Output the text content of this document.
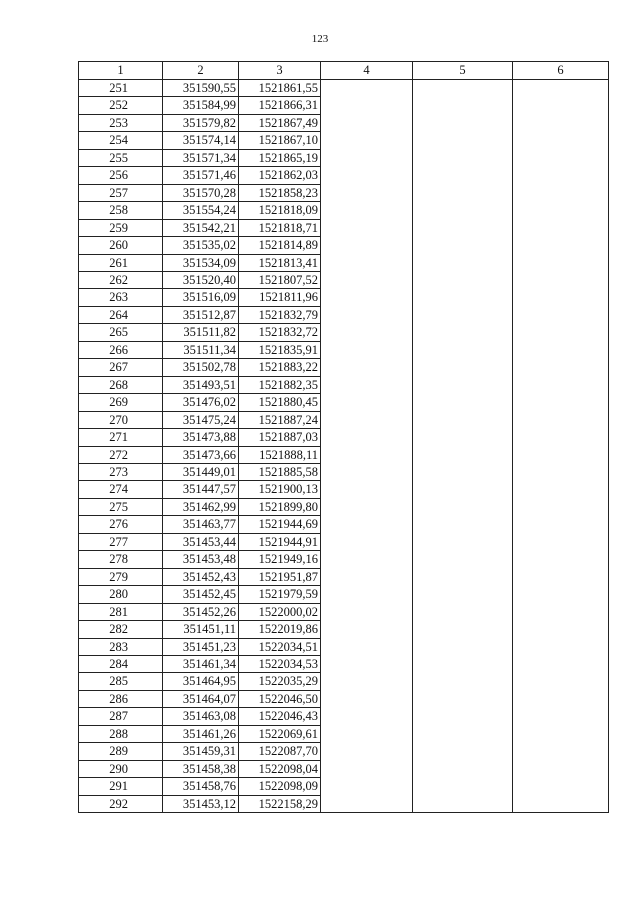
123
1	2	3	4	5	6
251	351590,55	1521861,55			
252	351584,99	1521866,31			
253	351579,82	1521867,49			
254	351574,14	1521867,10			
255	351571,34	1521865,19			
256	351571,46	1521862,03			
257	351570,28	1521858,23			
258	351554,24	1521818,09			
259	351542,21	1521818,71			
260	351535,02	1521814,89			
261	351534,09	1521813,41			
262	351520,40	1521807,52			
263	351516,09	1521811,96			
264	351512,87	1521832,79			
265	351511,82	1521832,72			
266	351511,34	1521835,91			
267	351502,78	1521883,22			
268	351493,51	1521882,35			
269	351476,02	1521880,45			
270	351475,24	1521887,24			
271	351473,88	1521887,03			
272	351473,66	1521888,11			
273	351449,01	1521885,58			
274	351447,57	1521900,13			
275	351462,99	1521899,80			
276	351463,77	1521944,69			
277	351453,44	1521944,91			
278	351453,48	1521949,16			
279	351452,43	1521951,87			
280	351452,45	1521979,59			
281	351452,26	1522000,02			
282	351451,11	1522019,86			
283	351451,23	1522034,51			
284	351461,34	1522034,53			
285	351464,95	1522035,29			
286	351464,07	1522046,50			
287	351463,08	1522046,43			
288	351461,26	1522069,61			
289	351459,31	1522087,70			
290	351458,38	1522098,04			
291	351458,76	1522098,09			
292	351453,12	1522158,29			
